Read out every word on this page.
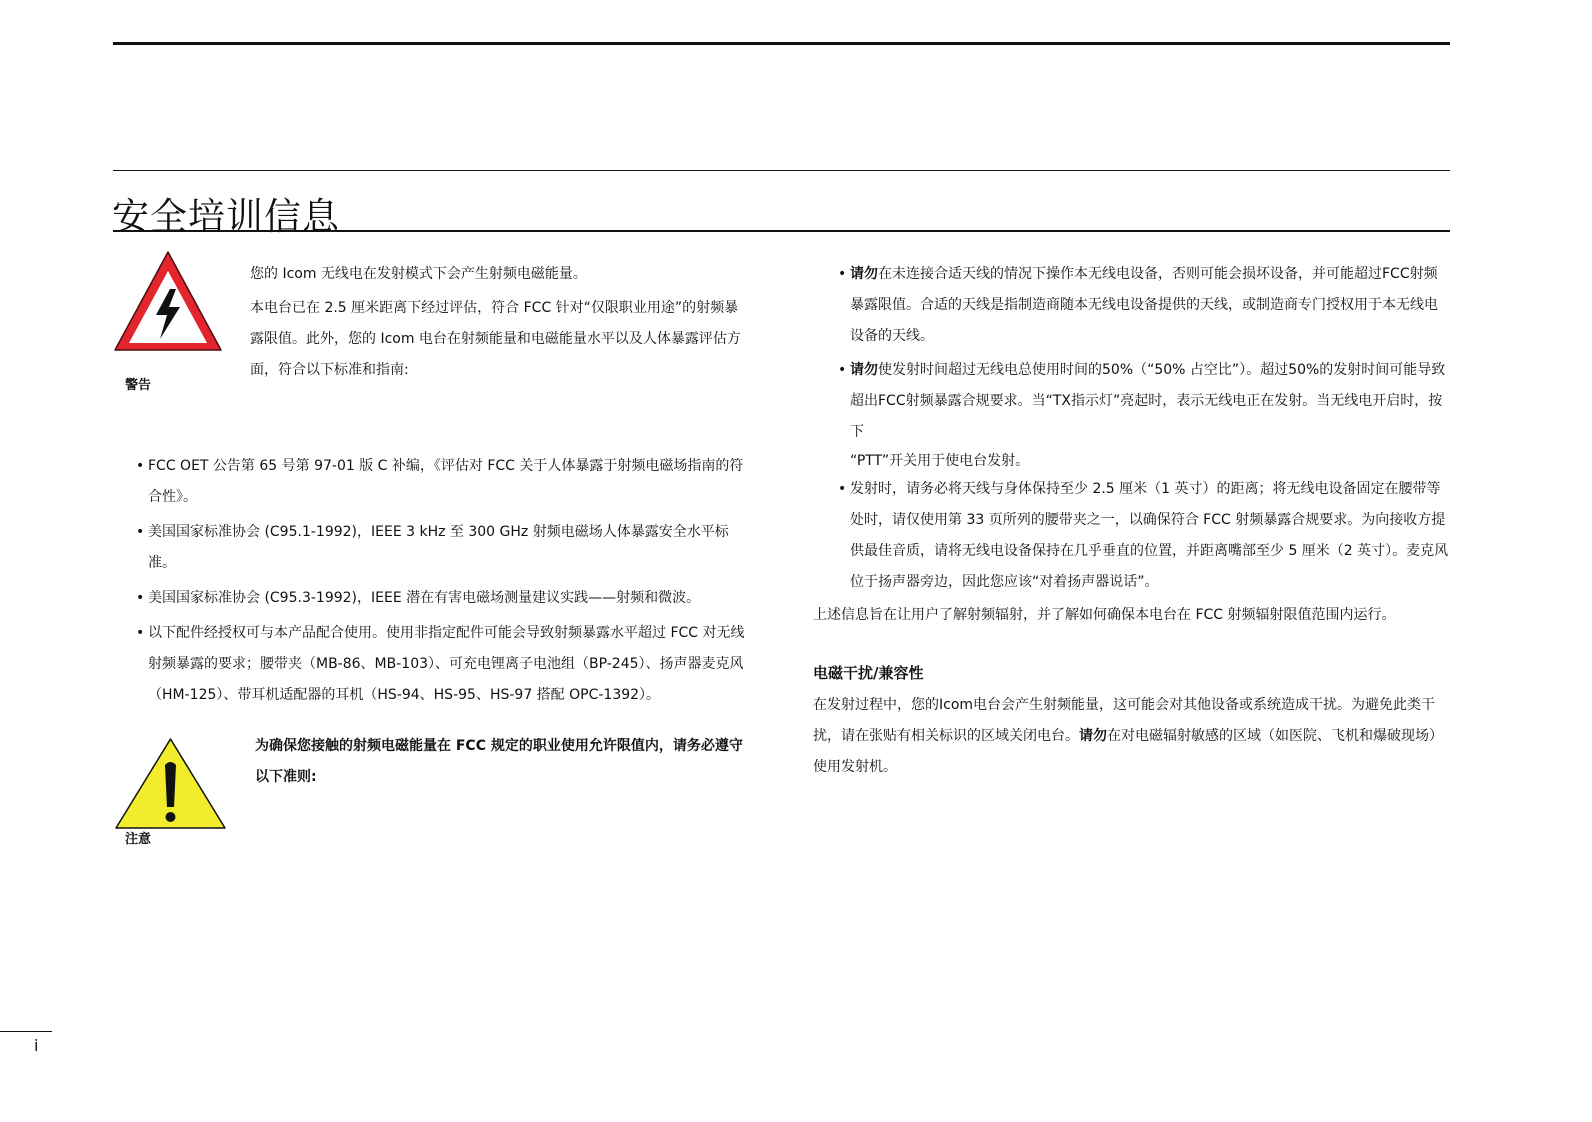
安全培训信息
警告

您的 Icom 无线电在发射模式下会产生射频电磁能量。

本电台已在 2.5 厘米距离下经过评估，符合 FCC 针对“仅限职业用途”的射频暴露限值。此外，您的 Icom 电台在射频能量和电磁能量水平以及人体暴露评估方面，符合以下标准和指南:

• FCC OET 公告第 65 号第 97-01 版 C 补编，《评估对 FCC 关于人体暴露于射频电磁场指南的符合性》。
• 美国国家标准协会 (C95.1-1992)，IEEE 3 kHz 至 300 GHz 射频电磁场人体暴露安全水平标准。
• 美国国家标准协会 (C95.3-1992)，IEEE 潜在有害电磁场测量建议实践——射频和微波。
• 以下配件经授权可与本产品配合使用。使用非指定配件可能会导致射频暴露水平超过 FCC 对无线射频暴露的要求；腰带夹（MB-86、MB-103）、可充电锂离子电池组（BP-245）、扬声器麦克风（HM-125）、带耳机适配器的耳机（HS-94、HS-95、HS-97 搭配 OPC-1392）。
注意

为确保您接触的射频电磁能量在 FCC 规定的职业使用允许限值内，请务必遵守以下准则:

• 请勿在未连接合适天线的情况下操作本无线电设备，否则可能会损坏设备，并可能超过FCC射频暴露限值。合适的天线是指制造商随本无线电设备提供的天线，或制造商专门授权用于本无线电设备的天线。
• 请勿使发射时间超过无线电总使用时间的50%（“50% 占空比”）。超过50%的发射时间可能导致超出FCC射频暴露合规要求。当“TX指示灯”亮起时，表示无线电正在发射。当无线电开启时，按下
“PTT”开关用于使电台发射。
• 发射时，请务必将天线与身体保持至少 2.5 厘米（1 英寸）的距离；将无线电设备固定在腰带等处时，请仅使用第 33 页所列的腰带夹之一，以确保符合 FCC 射频暴露合规要求。为向接收方提供最佳音质，请将无线电设备保持在几乎垂直的位置，并距离嘴部至少 5 厘米（2 英寸）。麦克风位于扬声器旁边，因此您应该“对着扬声器说话”。

上述信息旨在让用户了解射频辐射，并了解如何确保本电台在 FCC 射频辐射限值范围内运行。

电磁干扰/兼容性

在发射过程中，您的Icom电台会产生射频能量，这可能会对其他设备或系统造成干扰。为避免此类干扰，请在张贴有相关标识的区域关闭电台。请勿在对电磁辐射敏感的区域（如医院、飞机和爆破现场）使用发射机。

i
